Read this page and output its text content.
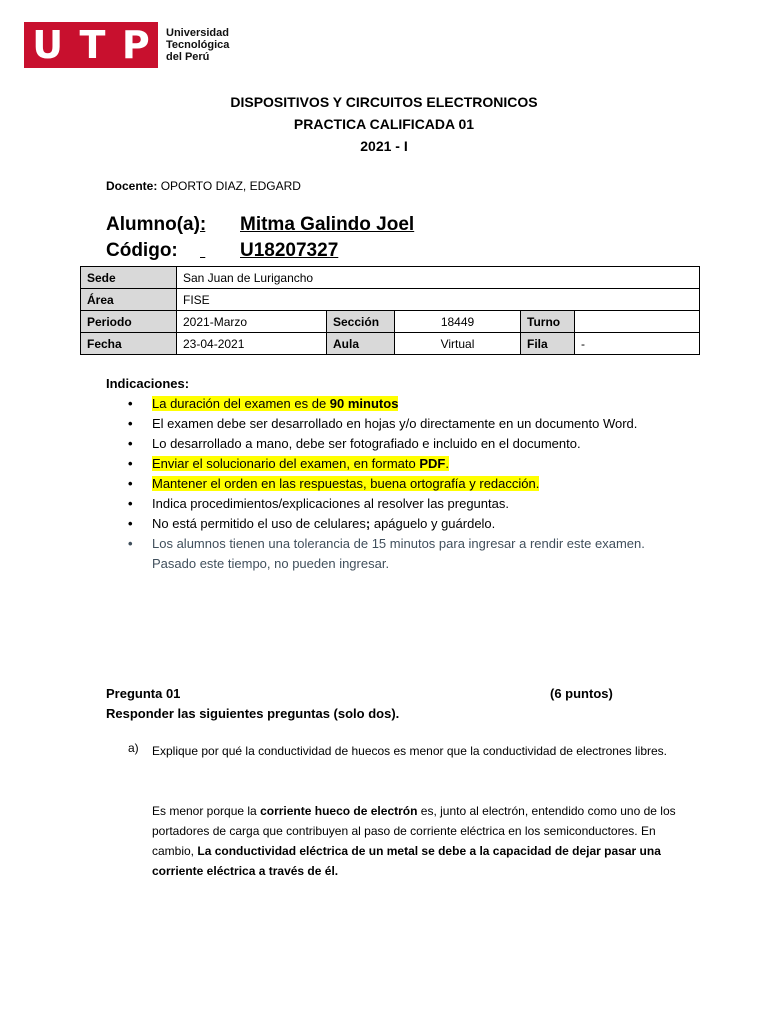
U T P Universidad
Tecnológica
del Perú
DISPOSITIVOS Y CIRCUITOS ELECTRONICOS
PRACTICA CALIFICADA 01
2021 - I
Docente: OPORTO DIAZ, EDGARD
Alumno(a): Mitma Galindo Joel
Código:	U18207327
Sede	San Juan de Lurigancho				
Área	FISE				
Periodo	2021-Marzo	Sección	18449	Turno	
Fecha	23-04-2021	Aula	Virtual	Fila	-
Indicaciones:
• La duración del examen es de 90 minutos
• El examen debe ser desarrollado en hojas y/o directamente en un documento Word.
• Lo desarrollado a mano, debe ser fotografiado e incluido en el documento.
• Enviar el solucionario del examen, en formato PDF.
• Mantener el orden en las respuestas, buena ortografía y redacción.
• Indica procedimientos/explicaciones al resolver las preguntas.
• No está permitido el uso de celulares; apáguelo y guárdelo.
• Los alumnos tienen una tolerancia de 15 minutos para ingresar a rendir este examen. Pasado este tiempo, no pueden ingresar.
Pregunta 01	(6 puntos)
Responder las siguientes preguntas (solo dos).
a) Explique por qué la conductividad de huecos es menor que la conductividad de electrones libres.
Es menor porque la corriente hueco de electrón es, junto al electrón, entendido como uno de los portadores de carga que contribuyen al paso de corriente eléctrica en los semiconductores. En cambio, La conductividad eléctrica de un metal se debe a la capacidad de dejar pasar una corriente eléctrica a través de él.
